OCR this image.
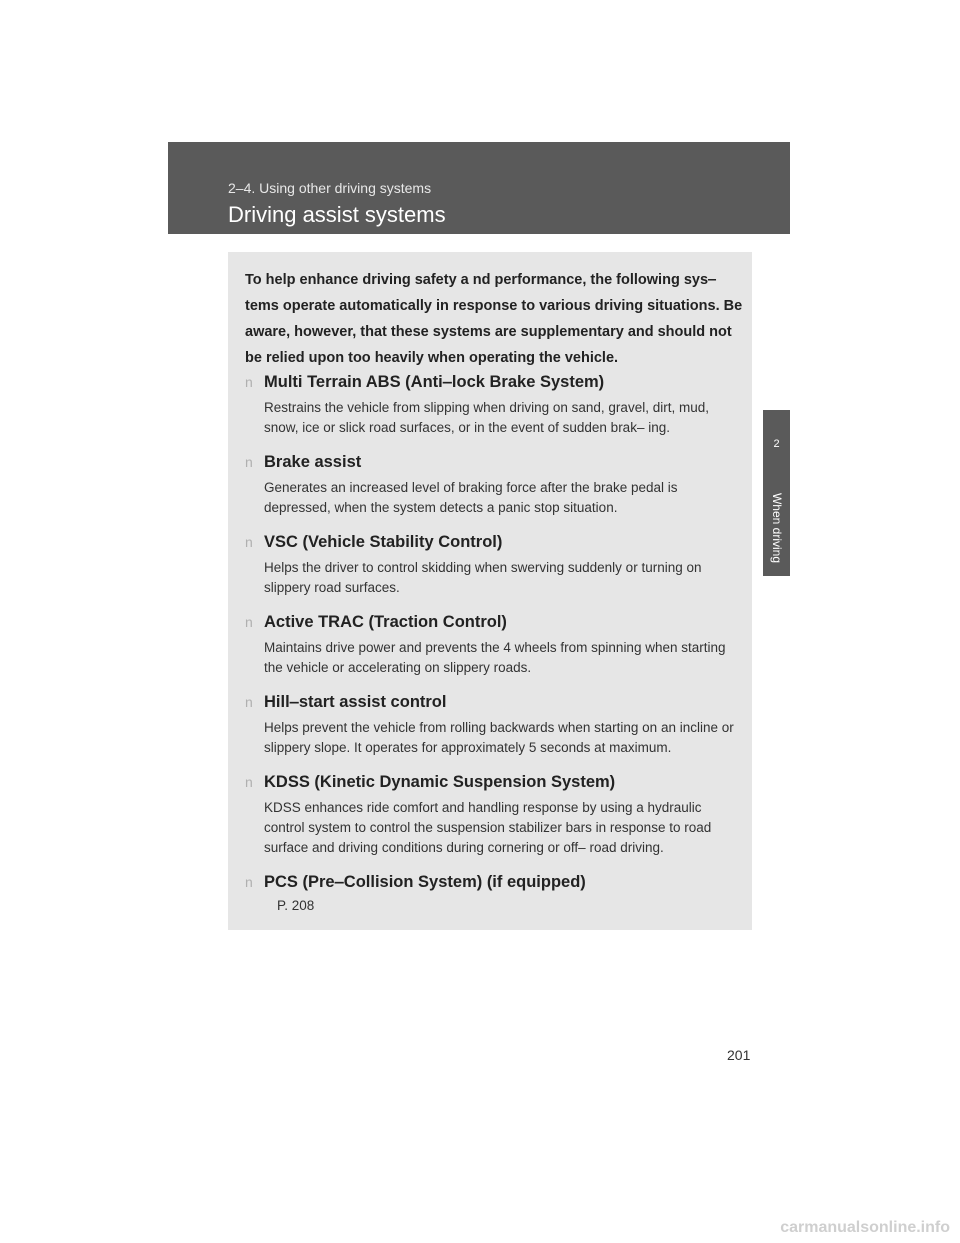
2‒4. Using other driving systems
Driving assist systems
2
When driving
To help enhance driving safety a nd performance, the following sys‒ tems operate automatically in response to various driving situations. Be aware, however, that these systems are supplementary and should not be relied upon too heavily when operating the vehicle.
n Multi Terrain ABS (Anti‒lock Brake System)
Restrains the vehicle from slipping when driving on sand, gravel, dirt, mud, snow, ice or slick road surfaces, or in the event of sudden brak‒ ing.
n Brake assist
Generates an increased level of braking force after the brake pedal is depressed, when the system detects a panic stop situation.
n VSC (Vehicle Stability Control)
Helps the driver to control skidding when swerving suddenly or turning on slippery road surfaces.
n Active TRAC (Traction Control)
Maintains drive power and prevents the 4 wheels from spinning when starting the vehicle or accelerating on slippery roads.
n Hill‒start assist control
Helps prevent the vehicle from rolling backwards when starting on an incline or slippery slope. It operates for approximately 5 seconds at maximum.
n KDSS (Kinetic Dynamic Suspension System)
KDSS enhances ride comfort and handling response by using a hydraulic control system to control the suspension stabilizer bars in response to road surface and driving conditions during cornering or off‒ road driving.
n PCS (Pre‒Collision System) (if equipped)
P. 208
201
carmanualsonline.info
